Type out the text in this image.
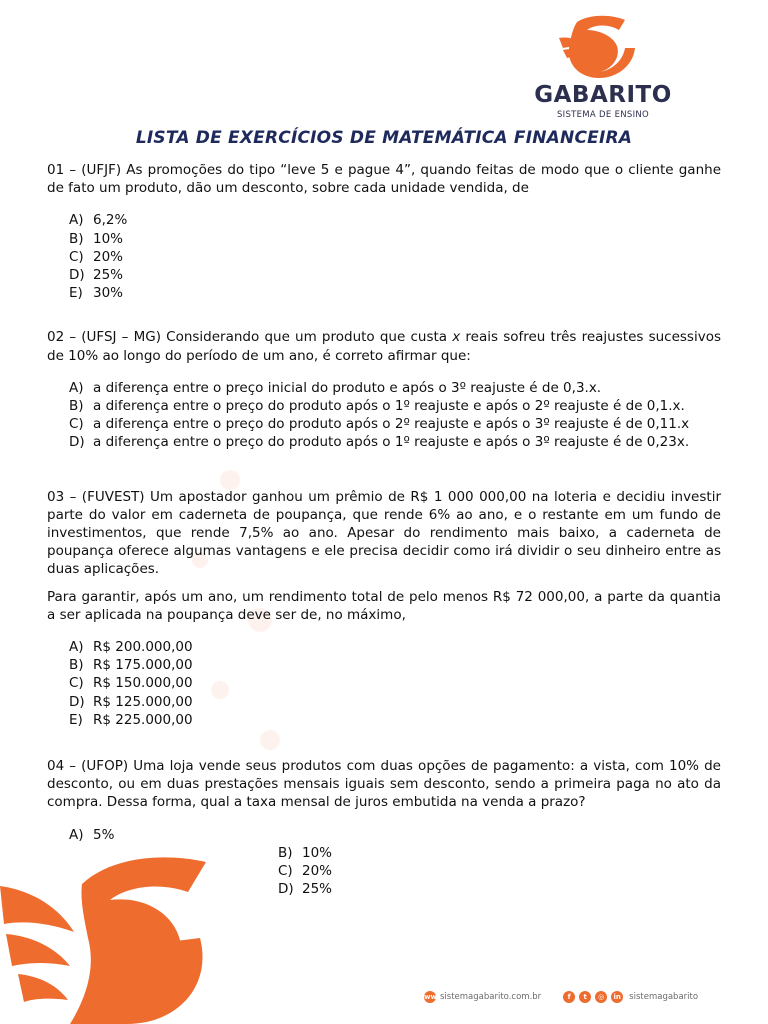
GABARITO
SISTEMA DE ENSINO
LISTA DE EXERCÍCIOS DE MATEMÁTICA FINANCEIRA

01 – (UFJF) As promoções do tipo “leve 5 e pague 4”, quando feitas de modo que o cliente ganhe de fato um produto, dão um desconto, sobre cada unidade vendida, de

A) 6,2%
B) 10%
C) 20%
D) 25%
E) 30%

02 – (UFSJ – MG) Considerando que um produto que custa x reais sofreu três reajustes sucessivos de 10% ao longo do período de um ano, é correto afirmar que:

A) a diferença entre o preço inicial do produto e após o 3º reajuste é de 0,3.x.
B) a diferença entre o preço do produto após o 1º reajuste e após o 2º reajuste é de 0,1.x.
C) a diferença entre o preço do produto após o 2º reajuste e após o 3º reajuste é de 0,11.x
D) a diferença entre o preço do produto após o 1º reajuste e após o 3º reajuste é de 0,23x.

03 – (FUVEST) Um apostador ganhou um prêmio de R$ 1 000 000,00 na loteria e decidiu investir parte do valor em caderneta de poupança, que rende 6% ao ano, e o restante em um fundo de investimentos, que rende 7,5% ao ano. Apesar do rendimento mais baixo, a caderneta de poupança oferece algumas vantagens e ele precisa decidir como irá dividir o seu dinheiro entre as duas aplicações.

Para garantir, após um ano, um rendimento total de pelo menos R$ 72 000,00, a parte da quantia a ser aplicada na poupança deve ser de, no máximo,

A) R$ 200.000,00
B) R$ 175.000,00
C) R$ 150.000,00
D) R$ 125.000,00
E) R$ 225.000,00

04 – (UFOP) Uma loja vende seus produtos com duas opções de pagamento: a vista, com 10% de desconto, ou em duas prestações mensais iguais sem desconto, sendo a primeira paga no ato da compra. Dessa forma, qual a taxa mensal de juros embutida na venda a prazo?

A) 5%
B) 10%
C) 20%
D) 25%
www
sistemagabarito.com.br	f	t	◎	in sistemagabarito
